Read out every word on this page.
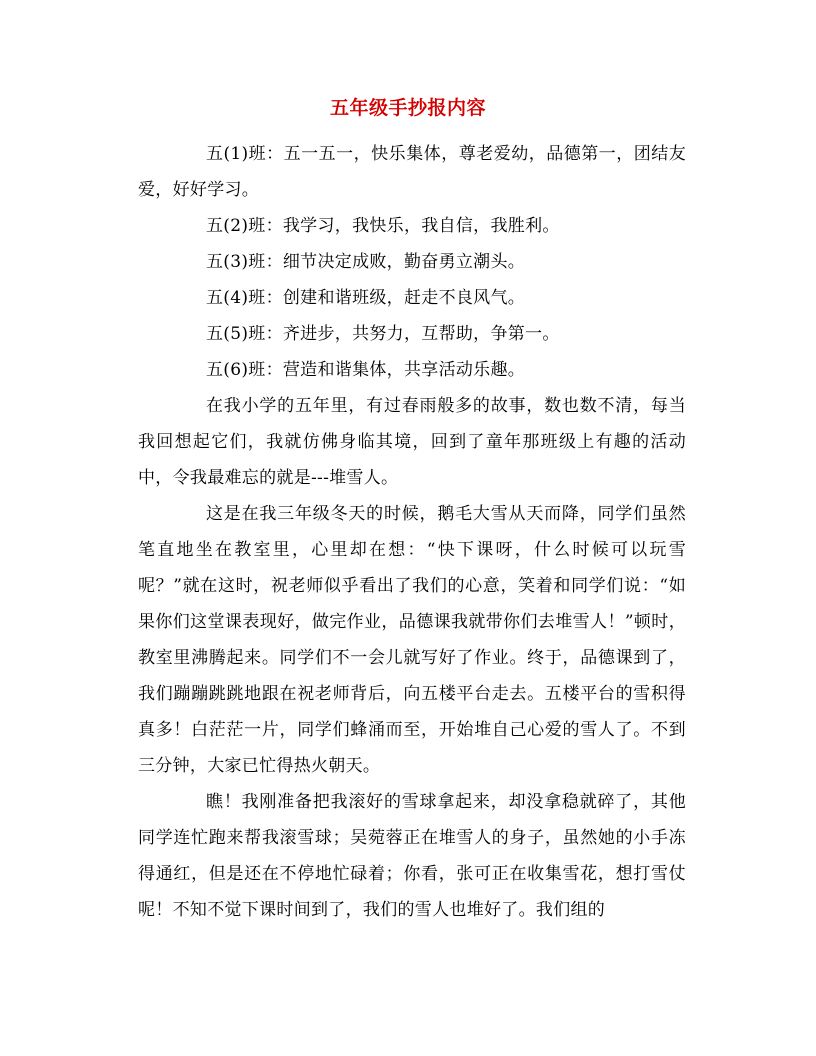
五年级手抄报内容

五(1)班：五一五一，快乐集体，尊老爱幼，品德第一，团结友爱，好好学习。

五(2)班：我学习，我快乐，我自信，我胜利。

五(3)班：细节决定成败，勤奋勇立潮头。

五(4)班：创建和谐班级，赶走不良风气。

五(5)班：齐进步，共努力，互帮助，争第一。

五(6)班：营造和谐集体，共享活动乐趣。

在我小学的五年里，有过春雨般多的故事，数也数不清，每当我回想起它们，我就仿佛身临其境，回到了童年那班级上有趣的活动中，令我最难忘的就是---堆雪人。

这是在我三年级冬天的时候，鹅毛大雪从天而降，同学们虽然笔直地坐在教室里，心里却在想：“快下课呀，什么时候可以玩雪呢？”就在这时，祝老师似乎看出了我们的心意，笑着和同学们说：“如果你们这堂课表现好，做完作业，品德课我就带你们去堆雪人！”顿时，教室里沸腾起来。同学们不一会儿就写好了作业。终于，品德课到了，我们蹦蹦跳跳地跟在祝老师背后，向五楼平台走去。五楼平台的雪积得真多！白茫茫一片，同学们蜂涌而至，开始堆自己心爱的雪人了。不到三分钟，大家已忙得热火朝天。

瞧！我刚准备把我滚好的雪球拿起来，却没拿稳就碎了，其他同学连忙跑来帮我滚雪球；吴菀蓉正在堆雪人的身子，虽然她的小手冻得通红，但是还在不停地忙碌着；你看，张可正在收集雪花，想打雪仗呢！不知不觉下课时间到了，我们的雪人也堆好了。我们组的
